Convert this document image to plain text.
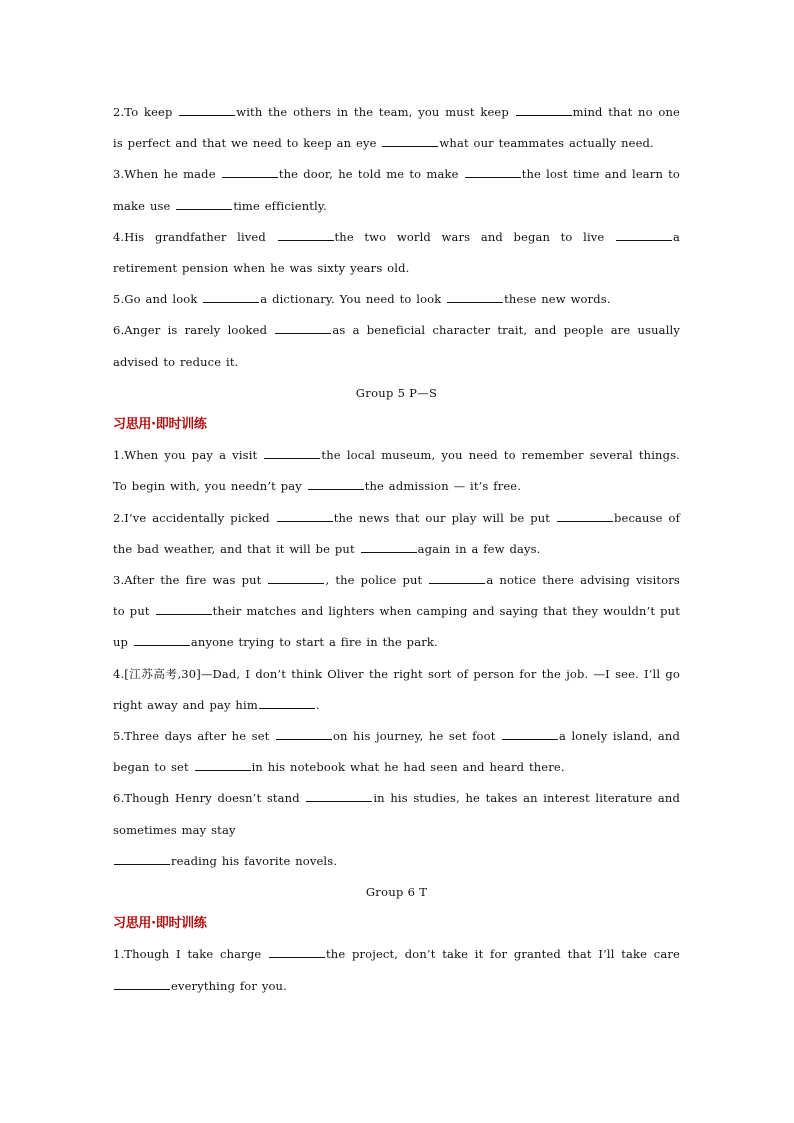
2.To keep	with the others in the team, you must keep	mind that no one is perfect and that we need to keep an eye	what our teammates actually need.
3.When he made	the door, he told me to make	the lost time and learn to make use	time efficiently.
4.His grandfather lived	the two world wars and began to live	a retirement pension when he was sixty years old.
5.Go and look	a dictionary. You need to look	these new words.
6.Anger is rarely looked	as a beneficial character trait, and people are usually advised to reduce it.
Group 5 P—S
习思用·即时训练
1.When you pay a visit	the local museum, you need to remember several things. To begin with, you needn’t pay	the admission — it’s free.
2.I’ve accidentally picked	the news that our play will be put	because of the bad weather, and that it will be put	again in a few days.
3.After the fire was put	, the police put	a notice there advising visitors to put	their matches and lighters when camping and saying that they wouldn’t put up	anyone trying to start a fire in the park.
4.[江苏高考,30]—Dad, I don’t think Oliver the right sort of person for the job. —I see. I’ll go right away and pay him	.
5.Three days after he set	on his journey, he set foot	a lonely island, and began to set	in his notebook what he had seen and heard there.
6.Though Henry doesn’t stand	in his studies, he takes an interest literature and sometimes may stay
reading his favorite novels.
Group 6 T
习思用·即时训练
1.Though I take charge	the project, don’t take it for granted that I’ll take care everything for you.
